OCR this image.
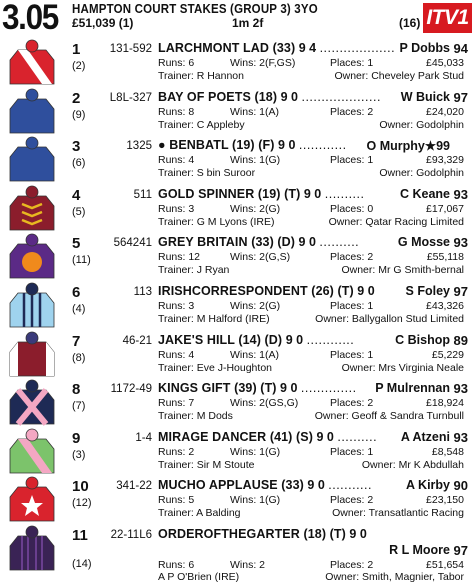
3.05 HAMPTON COURT STAKES (GROUP 3) 3YO
£51,039 (1)	1m 2f	(16) ITV1
1
(2)
131-592 LARCHMONT LAD (33) 9 4 ................... P Dobbs 94
Runs: 6	Wins: 2(F,GS)	Places: 1	£45,033
Trainer: R Hannon	Owner: Cheveley Park Stud
2
(9)
L8L-327 BAY OF POETS (18) 9 0 .................... W Buick 97
Runs: 8	Wins: 1(A)	Places: 2	£24,020
Trainer: C Appleby	Owner: Godolphin
3
(6)
1325 ● BENBATL (19) (F) 9 0 ............ O Murphy★99
Runs: 4	Wins: 1(G)	Places: 1	£93,329
Trainer: S bin Suroor	Owner: Godolphin
4
(5)
511 GOLD SPINNER (19) (T) 9 0 ..........	C Keane 93
Runs: 3	Wins: 2(G)	Places: 0	£17,067
Trainer: G M Lyons (IRE)	Owner: Qatar Racing Limited
5
(11)
564241 GREY BRITAIN (33) (D) 9 0 ..........	G Mosse 93
Runs: 12	Wins: 2(G,S)	Places: 2	£55,118
Trainer: J Ryan	Owner: Mr G Smith-bernal
6
(4)
113 IRISHCORRESPONDENT (26) (T) 9 0 S Foley 97
Runs: 3	Wins: 2(G)	Places: 1	£43,326
Trainer: M Halford (IRE)	Owner: Ballygallon Stud Limited
7
(8)
46-21 JAKE'S HILL (14) (D) 9 0 ............	C Bishop 89
Runs: 4	Wins: 1(A)	Places: 1	£5,229
Trainer: Eve J-Houghton	Owner: Mrs Virginia Neale
8
(7)
1172-49 KINGS GIFT (39) (T) 9 0 .............. P Mulrennan 93
Runs: 7	Wins: 2(GS,G)	Places: 2	£18,924
Trainer: M Dods	Owner: Geoff & Sandra Turnbull
9
(3)
1-4 MIRAGE DANCER (41) (S) 9 0 .......... A Atzeni 93
Runs: 2	Wins: 1(G)	Places: 1	£8,548
Trainer: Sir M Stoute	Owner: Mr K Abdullah
10
(12)
341-22 MUCHO APPLAUSE (33) 9 0 ...........	A Kirby 90
Runs: 5	Wins: 1(G)	Places: 2	£23,150
Trainer: A Balding	Owner: Transatlantic Racing
11
(14)
22-11L6 ORDEROFTHEGARTER (18) (T) 9 0
R L Moore 97
Runs: 6	Wins: 2	Places: 2	£51,654
A P O'Brien (IRE)	Owner: Smith, Magnier, Tabor
